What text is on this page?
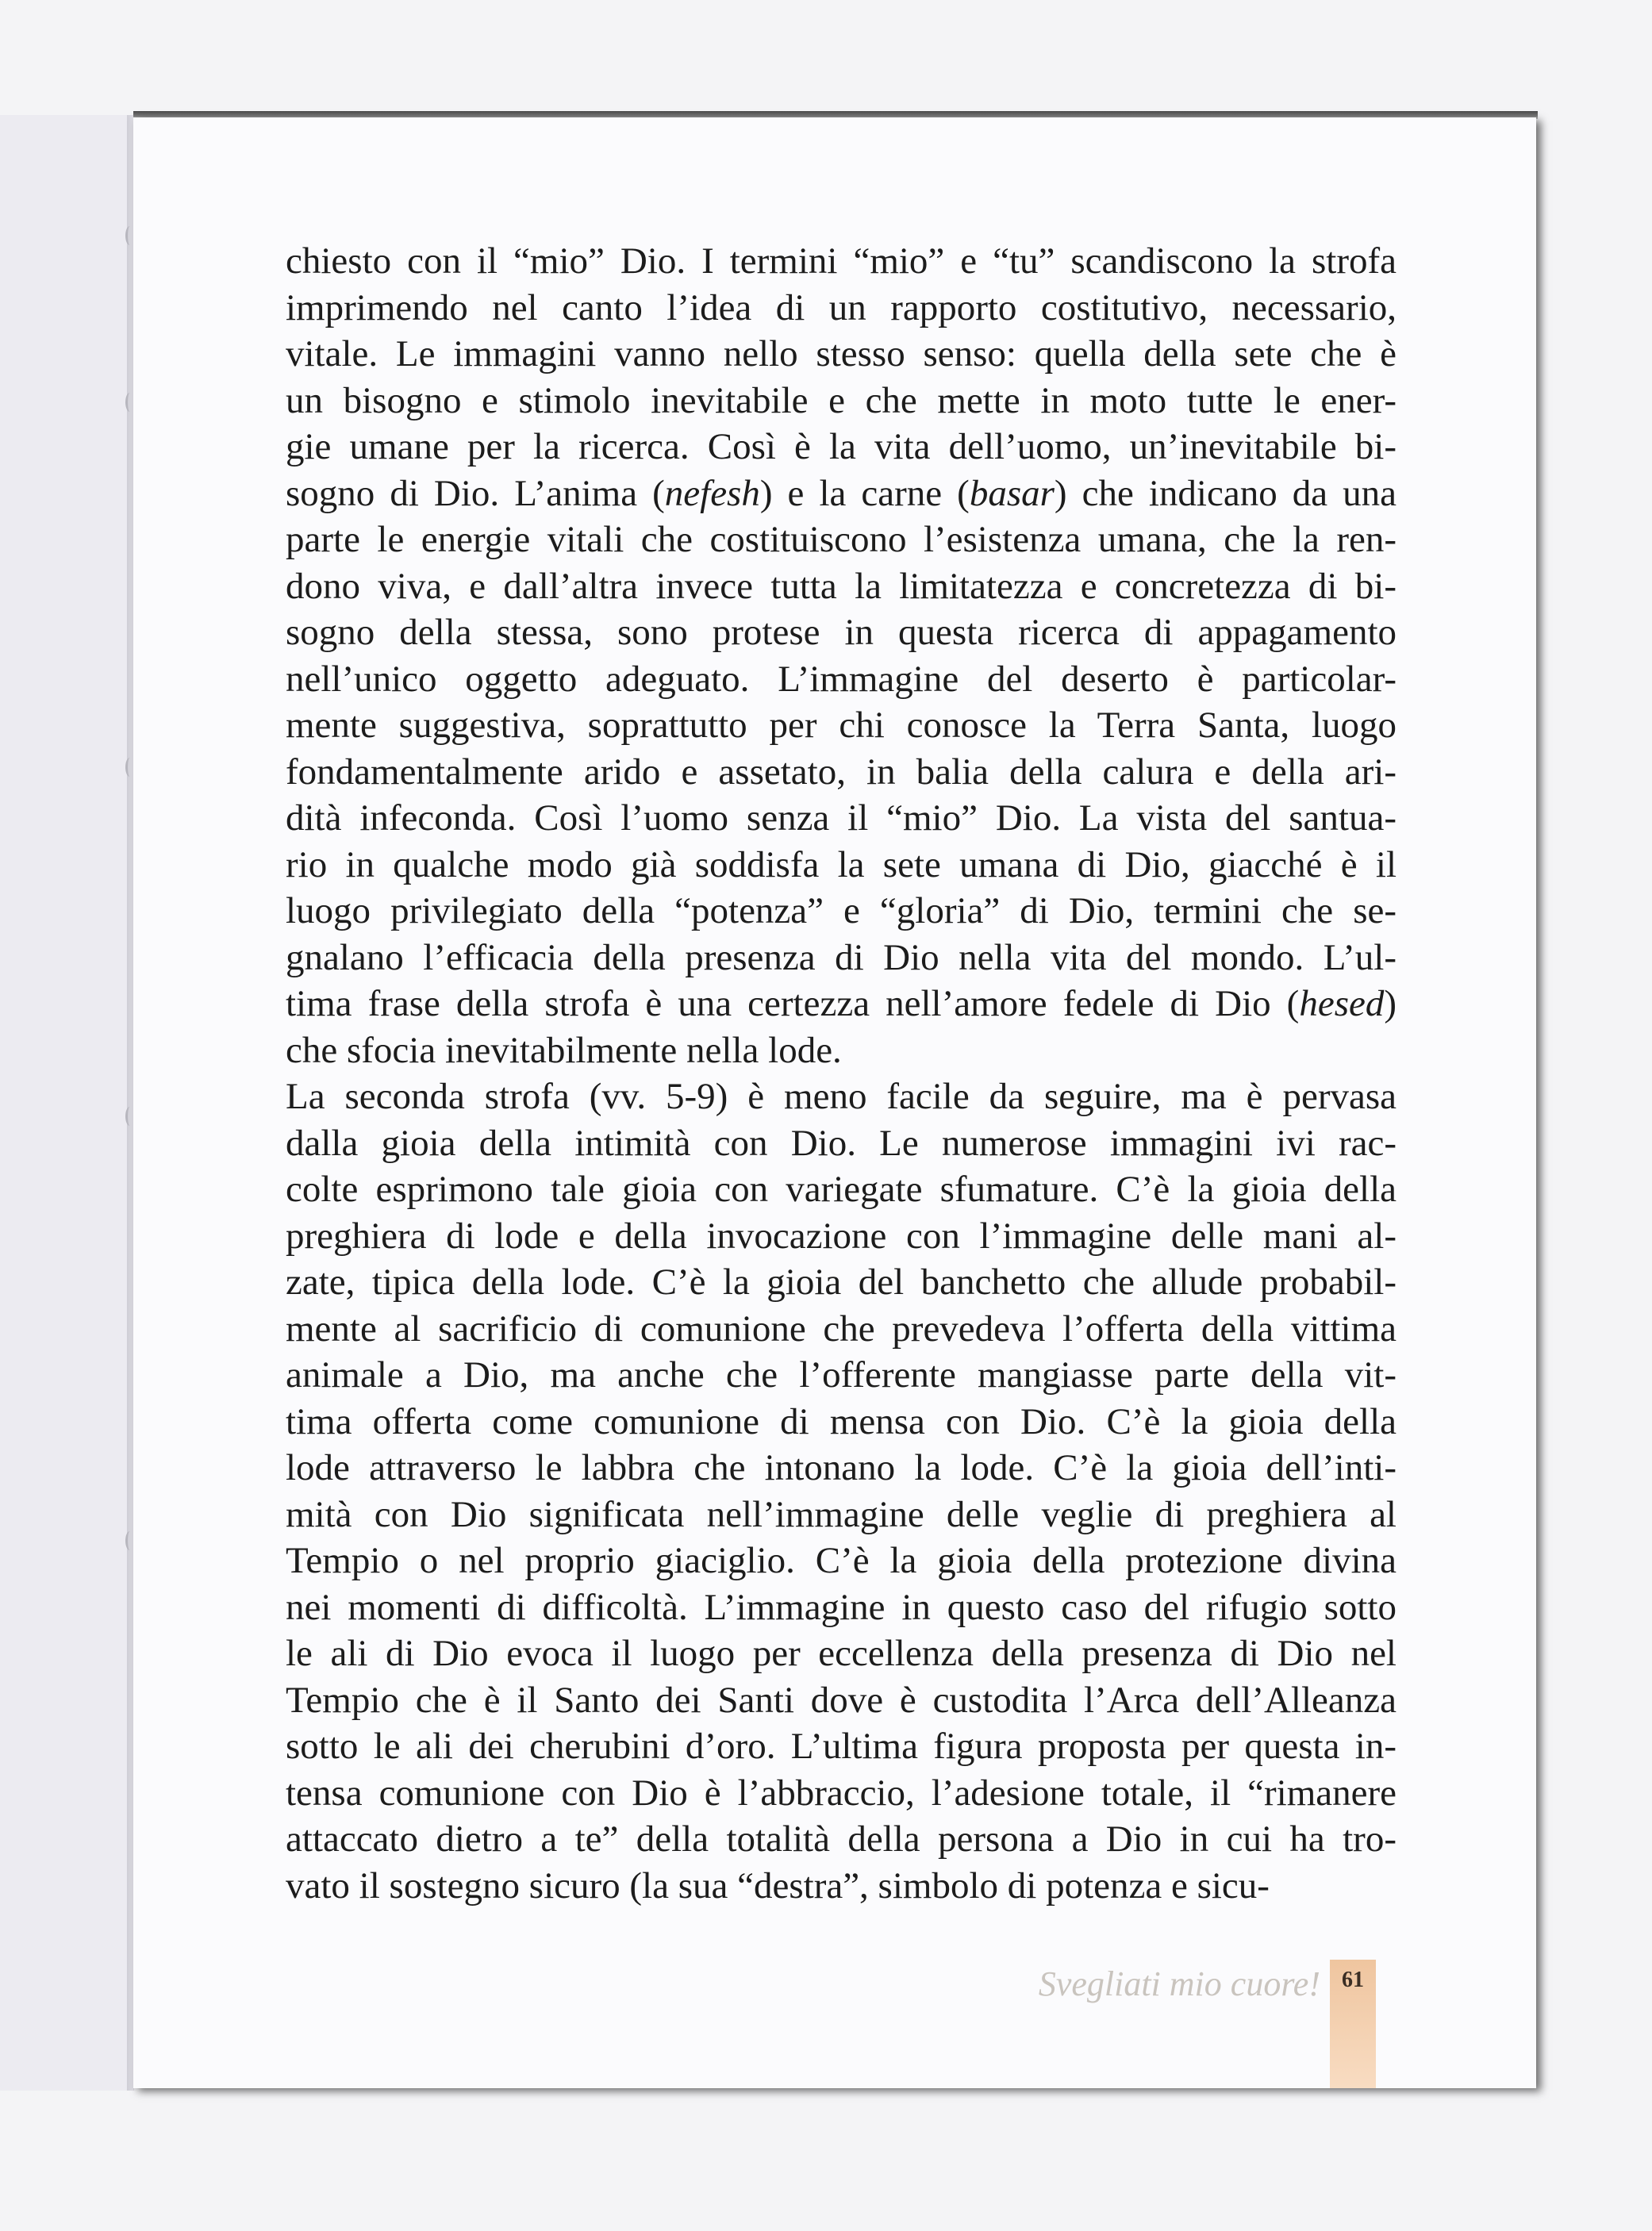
chiesto con il “mio” Dio. I termini “mio” e “tu” scandiscono la strofa
imprimendo nel canto l’idea di un rapporto costitutivo, necessario,
vitale. Le immagini vanno nello stesso senso: quella della sete che è
un bisogno e stimolo inevitabile e che mette in moto tutte le ener-
gie umane per la ricerca. Così è la vita dell’uomo, un’inevitabile bi-
sogno di Dio. L’anima (nefesh) e la carne (basar) che indicano da una
parte le energie vitali che costituiscono l’esistenza umana, che la ren-
dono viva, e dall’altra invece tutta la limitatezza e concretezza di bi-
sogno della stessa, sono protese in questa ricerca di appagamento
nell’unico oggetto adeguato. L’immagine del deserto è particolar-
mente suggestiva, soprattutto per chi conosce la Terra Santa, luogo
fondamentalmente arido e assetato, in balia della calura e della ari-
dità infeconda. Così l’uomo senza il “mio” Dio. La vista del santua-
rio in qualche modo già soddisfa la sete umana di Dio, giacché è il
luogo privilegiato della “potenza” e “gloria” di Dio, termini che se-
gnalano l’efficacia della presenza di Dio nella vita del mondo. L’ul-
tima frase della strofa è una certezza nell’amore fedele di Dio (hesed)
che sfocia inevitabilmente nella lode.
La seconda strofa (vv. 5-9) è meno facile da seguire, ma è pervasa
dalla gioia della intimità con Dio. Le numerose immagini ivi rac-
colte esprimono tale gioia con variegate sfumature. C’è la gioia della
preghiera di lode e della invocazione con l’immagine delle mani al-
zate, tipica della lode. C’è la gioia del banchetto che allude probabil-
mente al sacrificio di comunione che prevedeva l’offerta della vittima
animale a Dio, ma anche che l’offerente mangiasse parte della vit-
tima offerta come comunione di mensa con Dio. C’è la gioia della
lode attraverso le labbra che intonano la lode. C’è la gioia dell’inti-
mità con Dio significata nell’immagine delle veglie di preghiera al
Tempio o nel proprio giaciglio. C’è la gioia della protezione divina
nei momenti di difficoltà. L’immagine in questo caso del rifugio sotto
le ali di Dio evoca il luogo per eccellenza della presenza di Dio nel
Tempio che è il Santo dei Santi dove è custodita l’Arca dell’Alleanza
sotto le ali dei cherubini d’oro. L’ultima figura proposta per questa in-
tensa comunione con Dio è l’abbraccio, l’adesione totale, il “rimanere
attaccato dietro a te” della totalità della persona a Dio in cui ha tro-
vato il sostegno sicuro (la sua “destra”, simbolo di potenza e sicu-
Svegliati mio cuore! 61
